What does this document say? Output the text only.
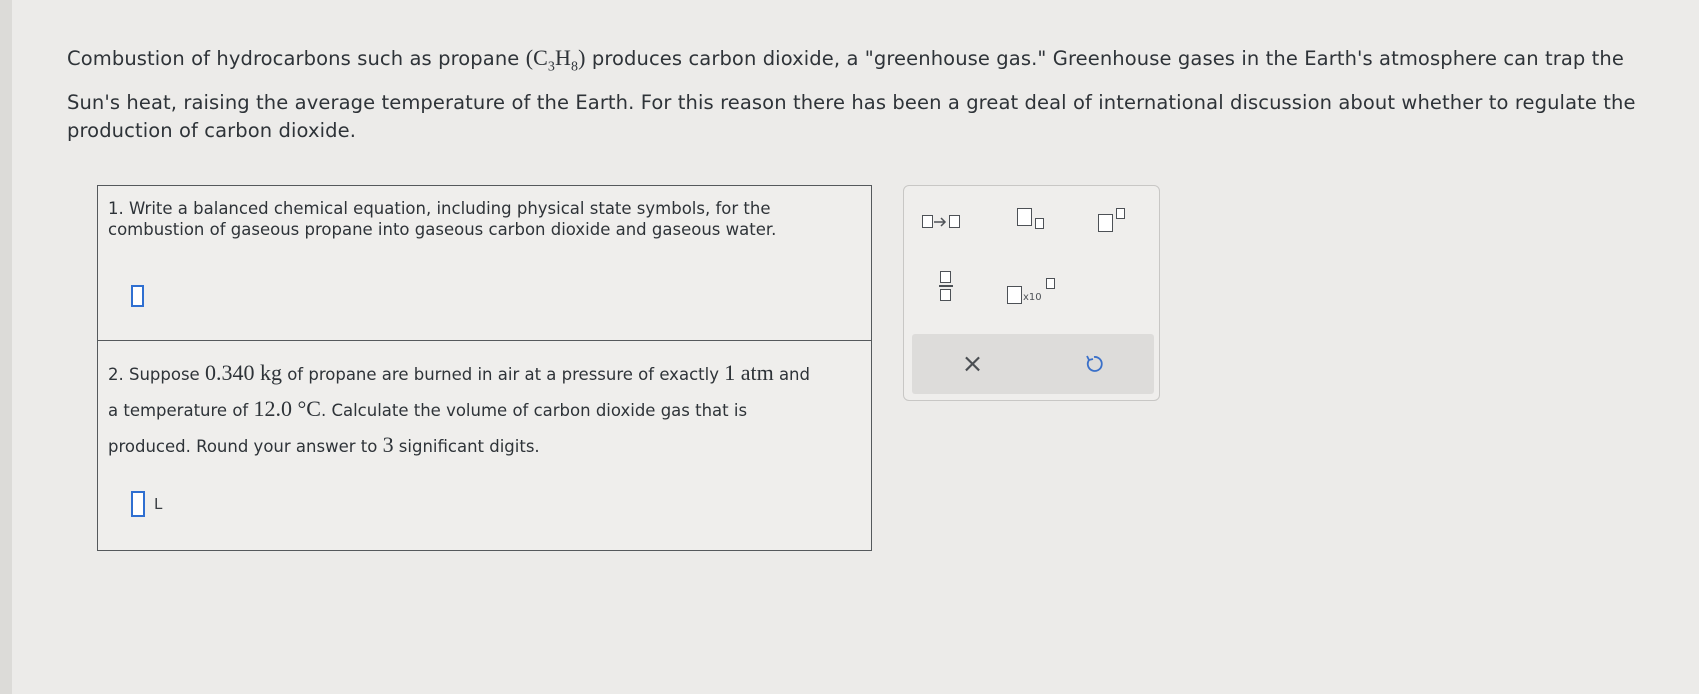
Combustion of hydrocarbons such as propane $(C_3H_8)$ produces carbon dioxide, a "greenhouse gas." Greenhouse gases in the Earth's atmosphere can trap the
Sun's heat, raising the average temperature of the Earth. For this reason there has been a great deal of international discussion about whether to regulate the
production of carbon dioxide.
1. Write a balanced chemical equation, including physical state symbols, for the
combustion of gaseous propane into gaseous carbon dioxide and gaseous water.
2. Suppose 0.340 kg of propane are burned in air at a pressure of exactly 1 atm and
a temperature of 12.0 °C. Calculate the volume of carbon dioxide gas that is
produced. Round your answer to 3 significant digits.
L
x10
×
